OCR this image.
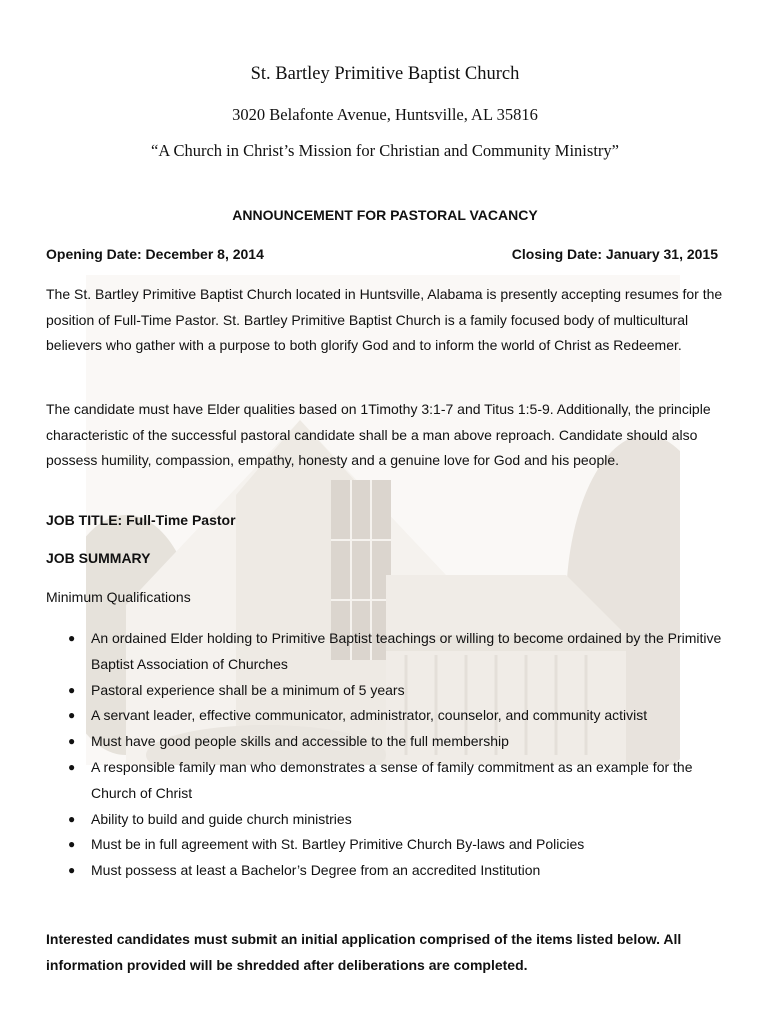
St. Bartley Primitive Baptist Church
3020 Belafonte Avenue, Huntsville, AL 35816
“A Church in Christ’s Mission for Christian and Community Ministry”
ANNOUNCEMENT FOR PASTORAL VACANCY
Opening Date: December 8, 2014	Closing Date: January 31, 2015

The St. Bartley Primitive Baptist Church located in Huntsville, Alabama is presently accepting resumes for the position of Full-Time Pastor. St. Bartley Primitive Baptist Church is a family focused body of multicultural believers who gather with a purpose to both glorify God and to inform the world of Christ as Redeemer.

The candidate must have Elder qualities based on 1Timothy 3:1-7 and Titus 1:5-9. Additionally, the principle characteristic of the successful pastoral candidate shall be a man above reproach. Candidate should also possess humility, compassion, empathy, honesty and a genuine love for God and his people.

JOB TITLE: Full-Time Pastor
JOB SUMMARY
Minimum Qualifications
● An ordained Elder holding to Primitive Baptist teachings or willing to become ordained by the Primitive Baptist Association of Churches
● Pastoral experience shall be a minimum of 5 years
● A servant leader, effective communicator, administrator, counselor, and community activist
● Must have good people skills and accessible to the full membership
● A responsible family man who demonstrates a sense of family commitment as an example for the Church of Christ
● Ability to build and guide church ministries
● Must be in full agreement with St. Bartley Primitive Church By-laws and Policies
● Must possess at least a Bachelor’s Degree from an accredited Institution

Interested candidates must submit an initial application comprised of the items listed below. All information provided will be shredded after deliberations are completed.
